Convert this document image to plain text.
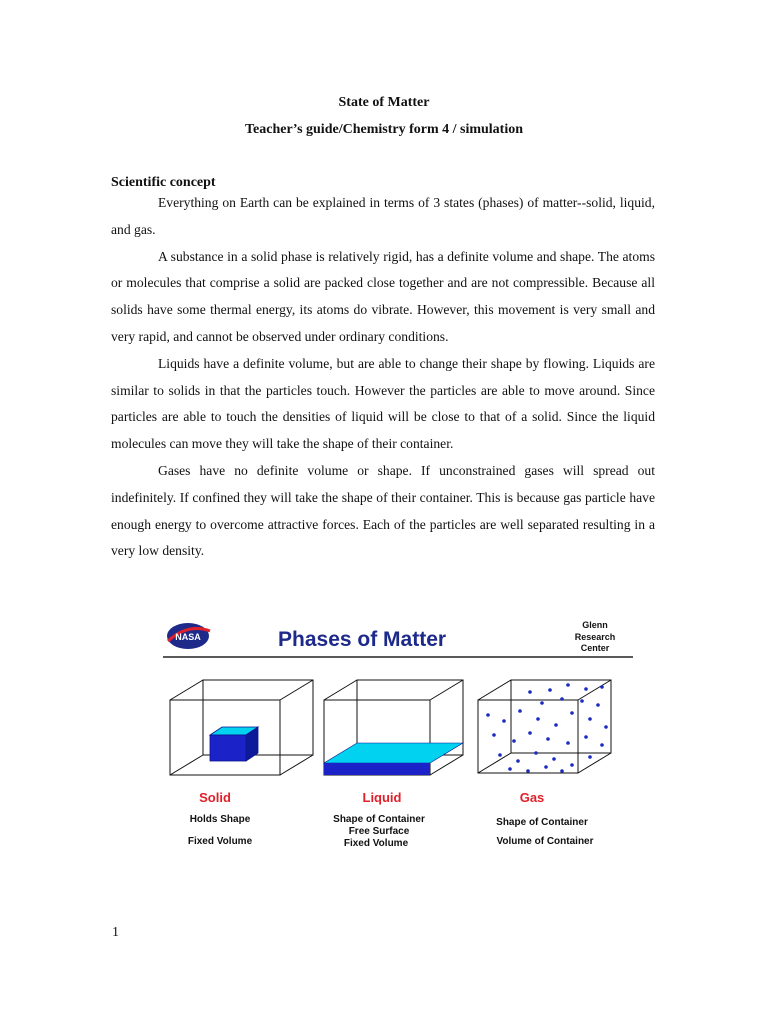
State of Matter
Teacher’s guide/Chemistry form 4 / simulation
Scientific concept

Everything on Earth can be explained in terms of 3 states (phases) of matter--solid, liquid, and gas.

A substance in a solid phase is relatively rigid, has a definite volume and shape. The atoms or molecules that comprise a solid are packed close together and are not compressible. Because all solids have some thermal energy, its atoms do vibrate. However, this movement is very small and very rapid, and cannot be observed under ordinary conditions.

Liquids have a definite volume, but are able to change their shape by flowing. Liquids are similar to solids in that the particles touch. However the particles are able to move around. Since particles are able to touch the densities of liquid will be close to that of a solid. Since the liquid molecules can move they will take the shape of their container.

Gases have no definite volume or shape. If unconstrained gases will spread out indefinitely. If confined they will take the shape of their container. This is because gas particle have enough energy to overcome attractive forces. Each of the particles are well separated resulting in a very low density.

NASA	Phases of Matter
Glenn
Research
Center
Solid
Holds Shape
Fixed Volume
Liquid
Shape of Container
Free Surface
Fixed Volume
Gas
Shape of Container
Volume of Container
1
